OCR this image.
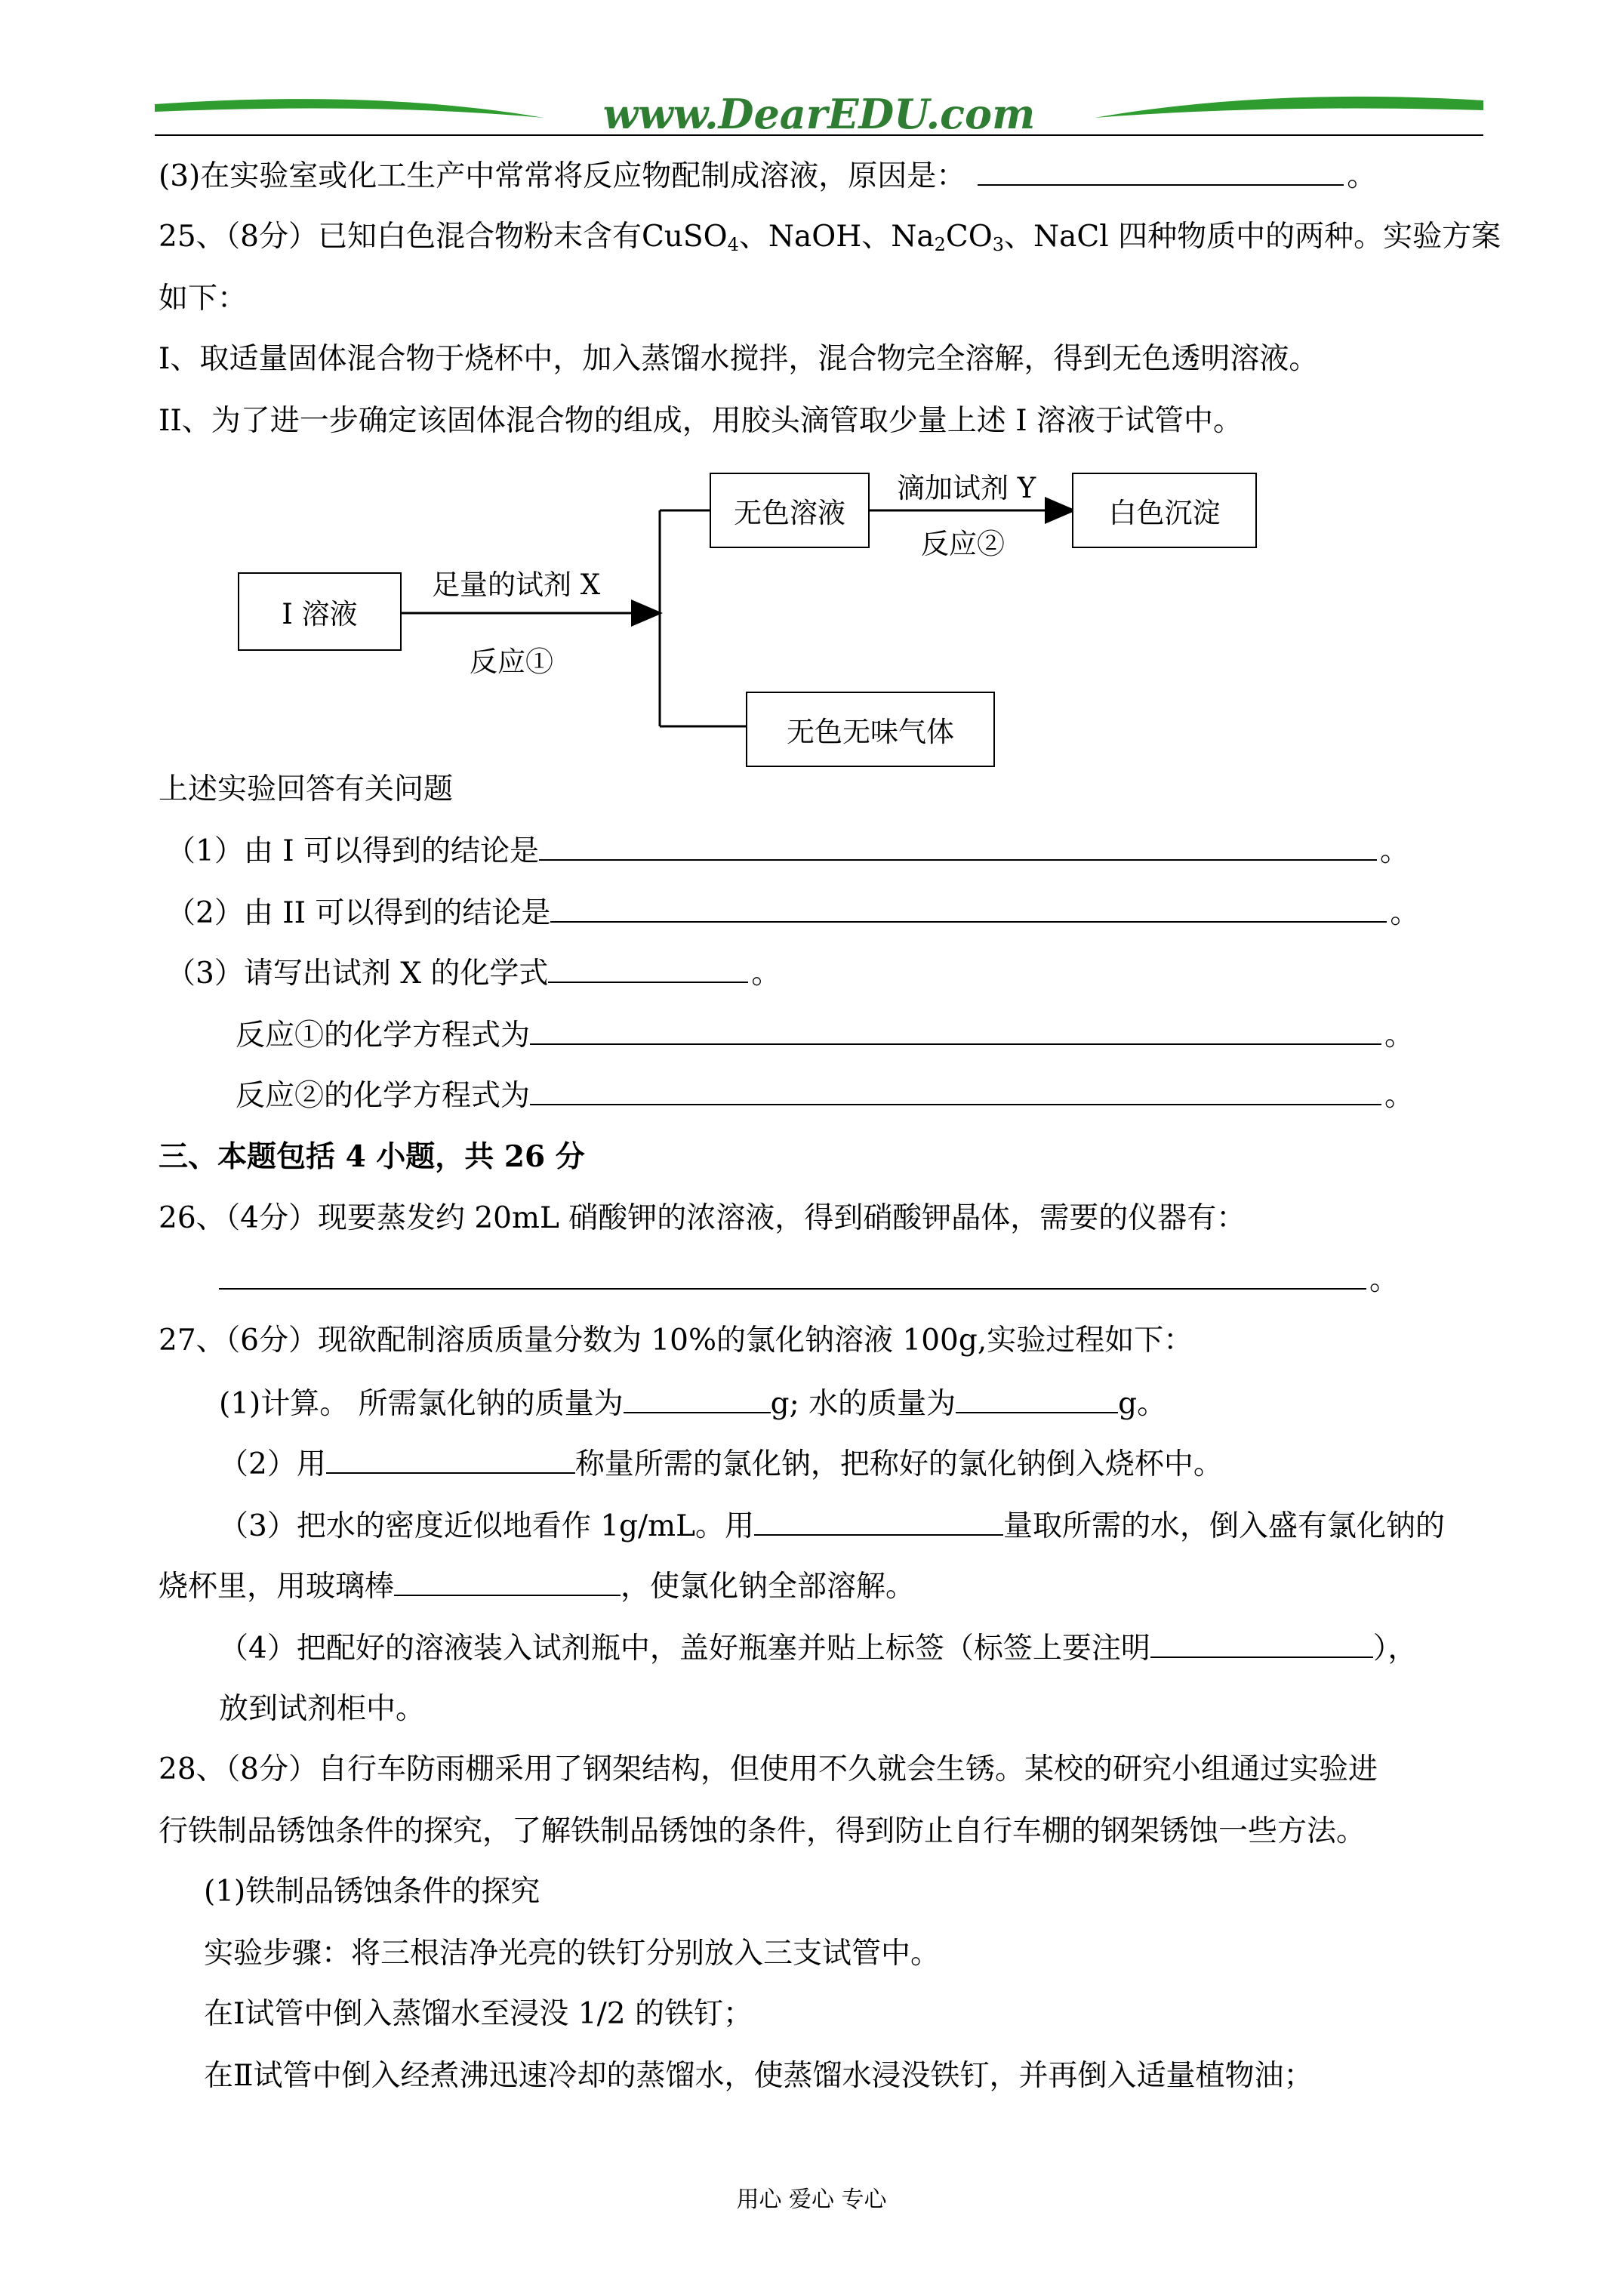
www.DearEDU.com
(3)在实验室或化工生产中常常将反应物配制成溶液，原因是：	。
25、（8分）已知白色混合物粉末含有CuSO$_4$、NaOH、$Na_2CO_3$、NaCl 四种物质中的两种。实验方案
如下：
I、取适量固体混合物于烧杯中，加入蒸馏水搅拌，混合物完全溶解，得到无色透明溶液。
II、为了进一步确定该固体混合物的组成，用胶头滴管取少量上述 I 溶液于试管中。
I 溶液
足量的试剂 X
反应①
无色溶液
滴加试剂 Y
反应②
白色沉淀
无色无味气体
上述实验回答有关问题
（1）由 I 可以得到的结论是	。
（2）由 II 可以得到的结论是	。
（3）请写出试剂 X 的化学式	。
反应①的化学方程式为	。
反应②的化学方程式为	。
三、本题包括 4 小题，共 26 分
26、（4分）现要蒸发约 20mL 硝酸钾的浓溶液，得到硝酸钾晶体，需要的仪器有：
。
27、（6分）现欲配制溶质质量分数为 10%的氯化钠溶液 100g,实验过程如下：
(1)计算。 所需氯化钠的质量为	g; 水的质量为	g。
（2）用	称量所需的氯化钠，把称好的氯化钠倒入烧杯中。
（3）把水的密度近似地看作 1g/mL。用	量取所需的水，倒入盛有氯化钠的
烧杯里，用玻璃棒	，使氯化钠全部溶解。
（4）把配好的溶液装入试剂瓶中，盖好瓶塞并贴上标签（标签上要注明	），
放到试剂柜中。
28、（8分）自行车防雨棚采用了钢架结构，但使用不久就会生锈。某校的研究小组通过实验进
行铁制品锈蚀条件的探究，了解铁制品锈蚀的条件，得到防止自行车棚的钢架锈蚀一些方法。
(1)铁制品锈蚀条件的探究
实验步骤：将三根洁净光亮的铁钉分别放入三支试管中。
在Ⅰ试管中倒入蒸馏水至浸没 1/2 的铁钉；
在Ⅱ试管中倒入经煮沸迅速冷却的蒸馏水，使蒸馏水浸没铁钉，并再倒入适量植物油；
用心 爱心 专心
